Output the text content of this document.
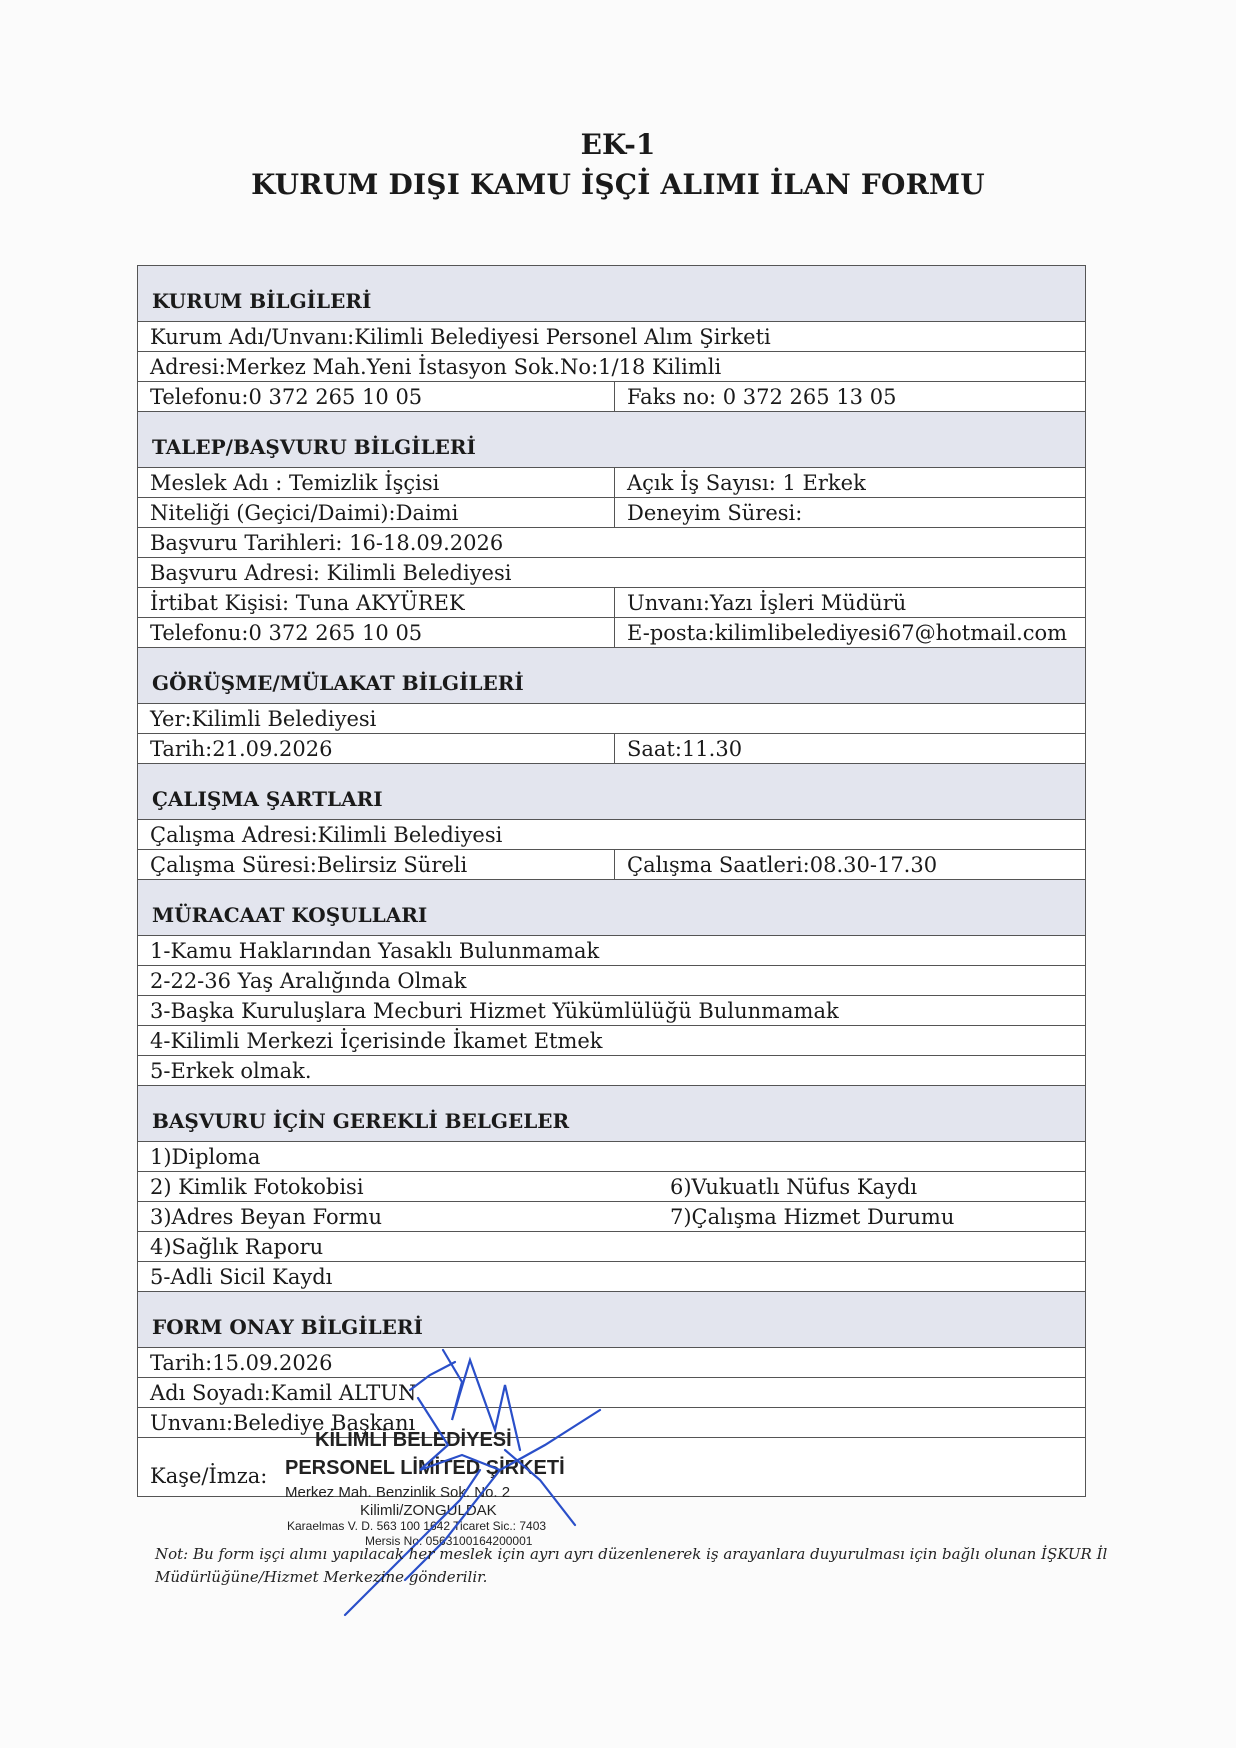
EK-1
KURUM DIŞI KAMU İŞÇİ ALIMI İLAN FORMU
KURUM BİLGİLERİ
Kurum Adı/Unvanı:Kilimli Belediyesi Personel Alım Şirketi
Adresi:Merkez Mah.Yeni İstasyon Sok.No:1/18 Kilimli
Telefonu:0 372 265 10 05	Faks no: 0 372 265 13 05
TALEP/BAŞVURU BİLGİLERİ
Meslek Adı : Temizlik İşçisi	Açık İş Sayısı: 1 Erkek
Niteliği (Geçici/Daimi):Daimi	Deneyim Süresi:
Başvuru Tarihleri: 16-18.09.2026
Başvuru Adresi: Kilimli Belediyesi
İrtibat Kişisi: Tuna AKYÜREK	Unvanı:Yazı İşleri Müdürü
Telefonu:0 372 265 10 05	E-posta:kilimlibelediyesi67@hotmail.com
GÖRÜŞME/MÜLAKAT BİLGİLERİ
Yer:Kilimli Belediyesi
Tarih:21.09.2026	Saat:11.30
ÇALIŞMA ŞARTLARI
Çalışma Adresi:Kilimli Belediyesi
Çalışma Süresi:Belirsiz Süreli	Çalışma Saatleri:08.30-17.30
MÜRACAAT KOŞULLARI
1-Kamu Haklarından Yasaklı Bulunmamak
2-22-36 Yaş Aralığında Olmak
3-Başka Kuruluşlara Mecburi Hizmet Yükümlülüğü Bulunmamak
4-Kilimli Merkezi İçerisinde İkamet Etmek
5-Erkek olmak.
BAŞVURU İÇİN GEREKLİ BELGELER
1)Diploma
2) Kimlik Fotokobisi	6)Vukuatlı Nüfus Kaydı
3)Adres Beyan Formu	7)Çalışma Hizmet Durumu
4)Sağlık Raporu
5-Adli Sicil Kaydı
FORM ONAY BİLGİLERİ
Tarih:15.09.2026
Adı Soyadı:Kamil ALTUN
Unvanı:Belediye Başkanı
Kaşe/İmza:
KİLİMLİ BELEDİYESİ
PERSONEL LİMİTED ŞİRKETİ
Merkez Mah. Benzinlik Sok. No. 2
Kilimli/ZONGULDAK
Karaelmas V. D. 563 100 1642 Ticaret Sic.: 7403
Mersis No. 0563100164200001
Not: Bu form işçi alımı yapılacak her meslek için ayrı ayrı düzenlenerek iş arayanlara duyurulması için bağlı olunan İŞKUR İl Müdürlüğüne/Hizmet Merkezine gönderilir.
